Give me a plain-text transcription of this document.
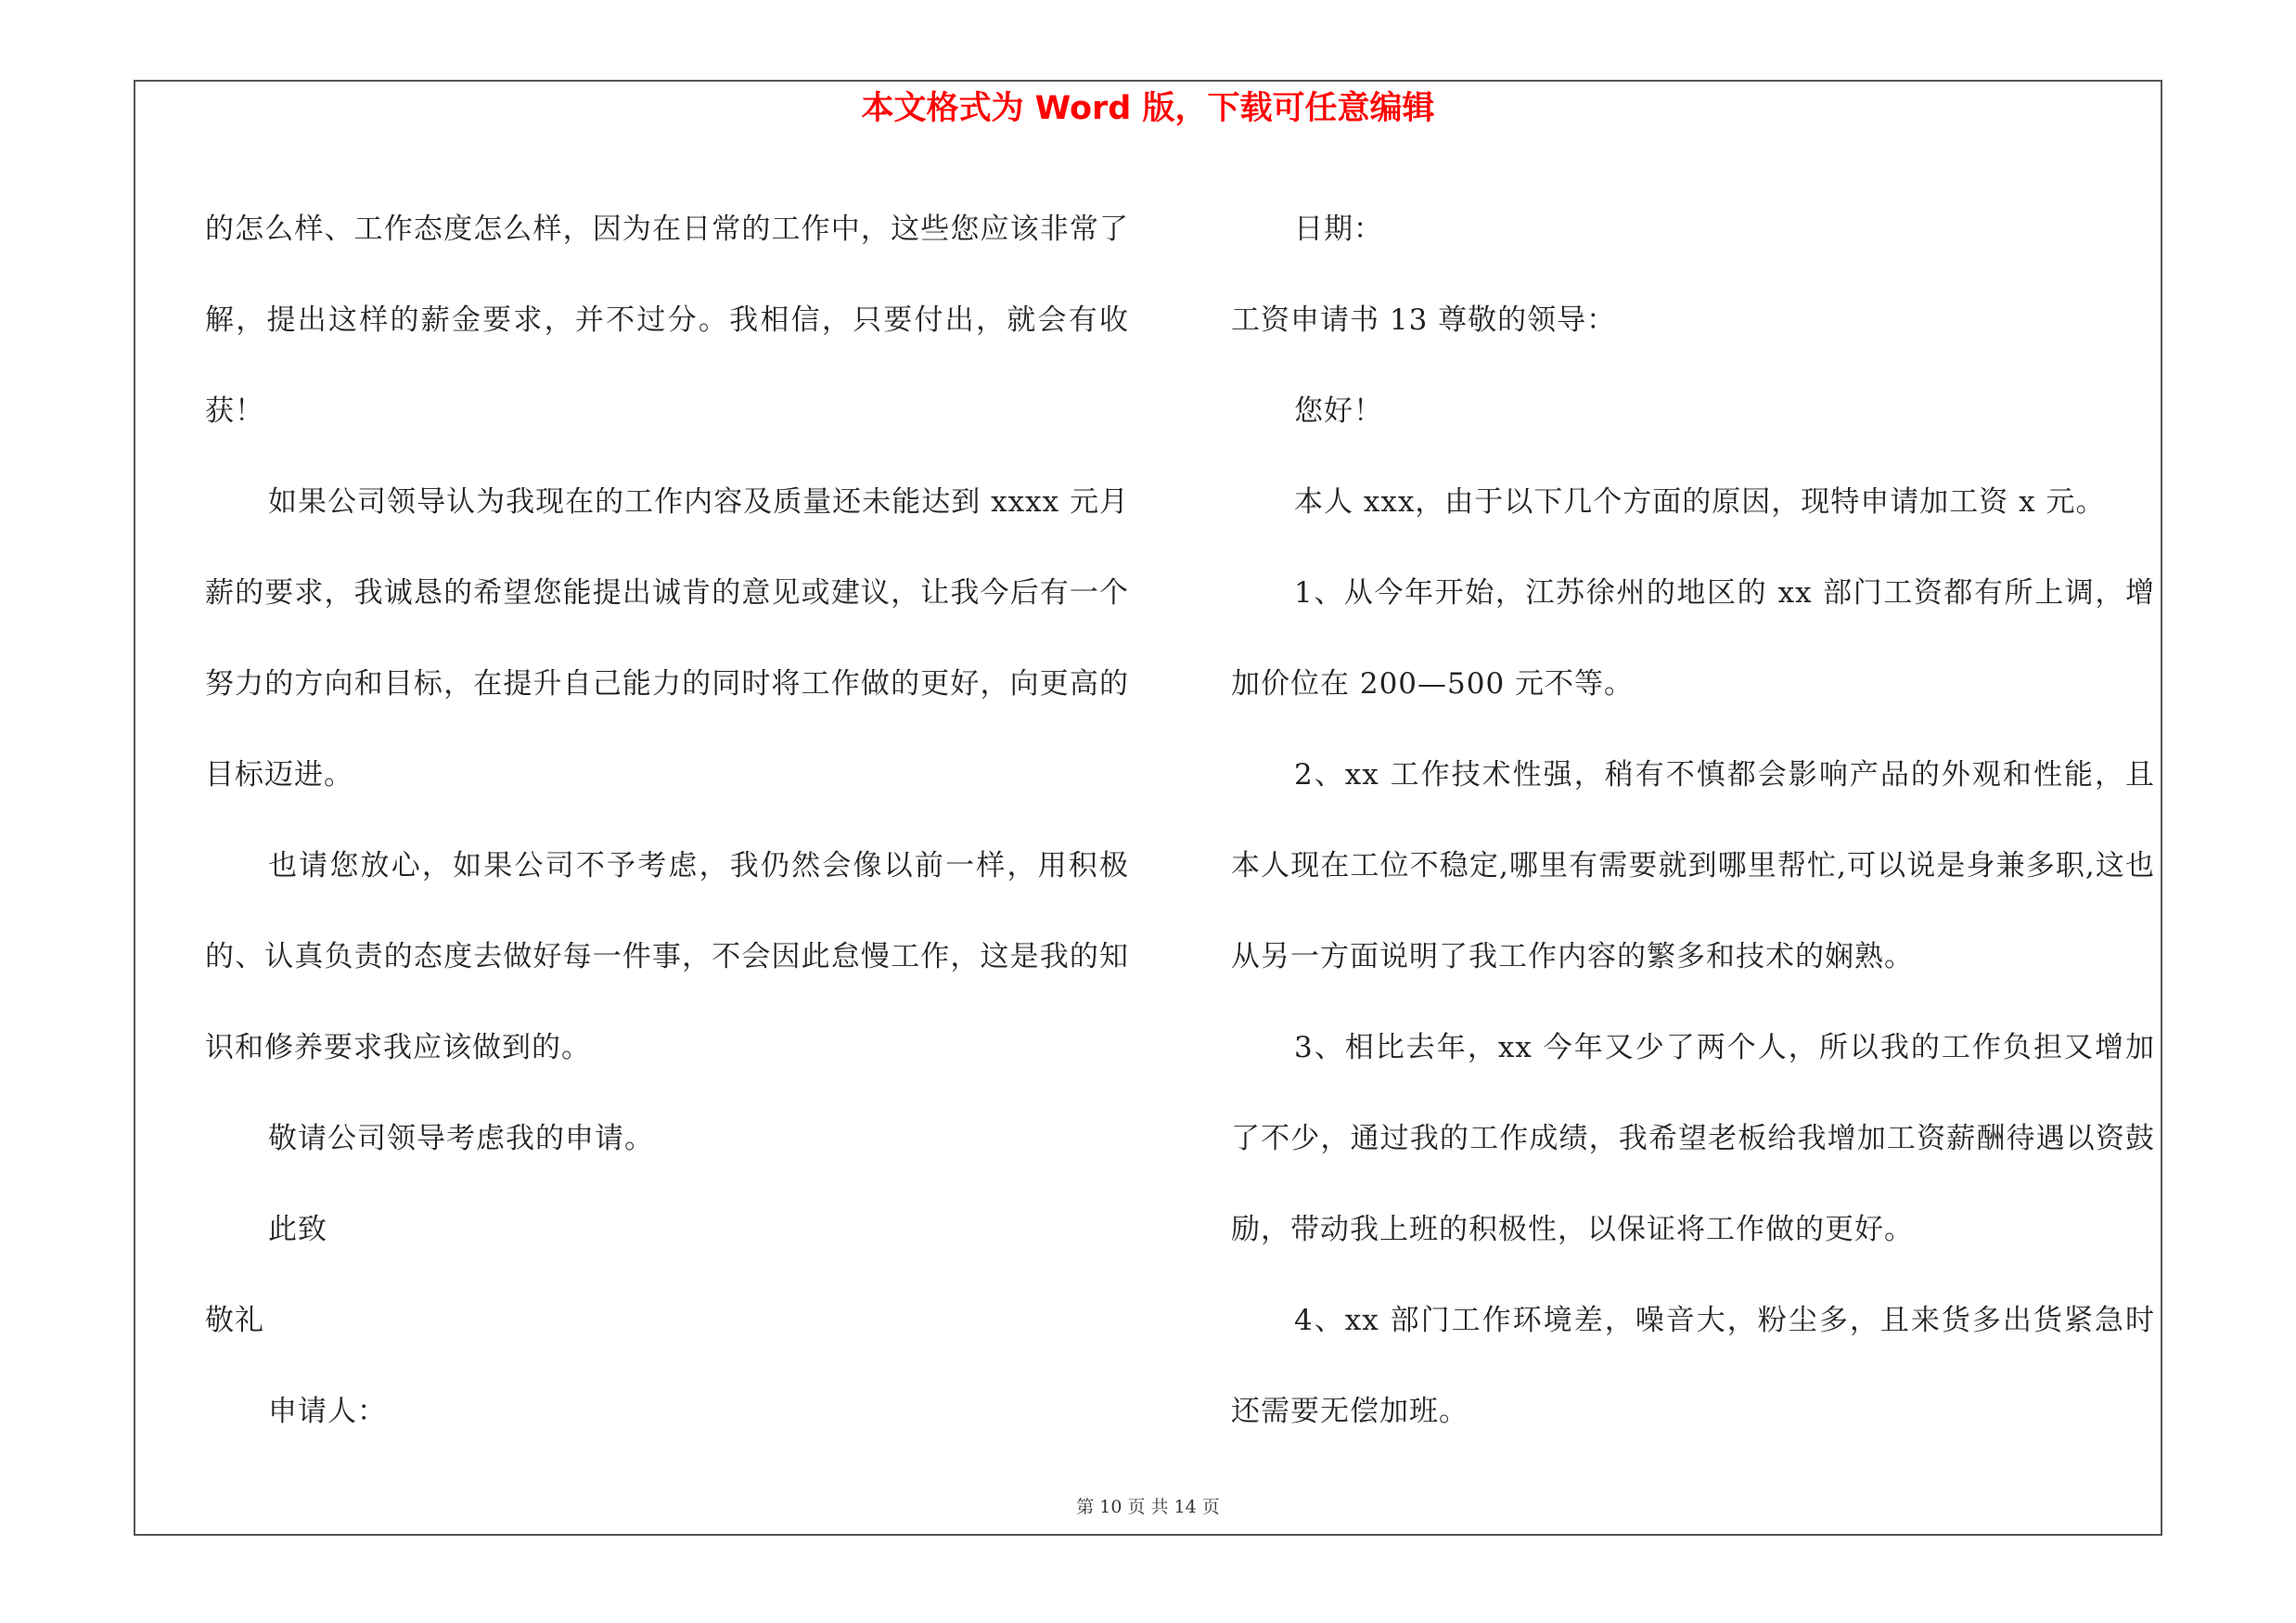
本文格式为 Word 版，下载可任意编辑

的怎么样、工作态度怎么样，因为在日常的工作中，这些您应该非常了解，提出这样的薪金要求，并不过分。我相信，只要付出，就会有收获！

如果公司领导认为我现在的工作内容及质量还未能达到 xxxx 元月薪的要求，我诚恳的希望您能提出诚肯的意见或建议，让我今后有一个努力的方向和目标，在提升自己能力的同时将工作做的更好，向更高的目标迈进。

也请您放心，如果公司不予考虑，我仍然会像以前一样，用积极的、认真负责的态度去做好每一件事，不会因此怠慢工作，这是我的知识和修养要求我应该做到的。

敬请公司领导考虑我的申请。

此致

敬礼

申请人：

日期：

工资申请书 13 尊敬的领导：

您好！

本人 xxx，由于以下几个方面的原因，现特申请加工资 x 元。

1、从今年开始，江苏徐州的地区的 xx 部门工资都有所上调，增加价位在 200—500 元不等。

2、xx 工作技术性强，稍有不慎都会影响产品的外观和性能，且本人现在工位不稳定,哪里有需要就到哪里帮忙,可以说是身兼多职,这也从另一方面说明了我工作内容的繁多和技术的娴熟。

3、相比去年，xx 今年又少了两个人，所以我的工作负担又增加了不少，通过我的工作成绩，我希望老板给我增加工资薪酬待遇以资鼓励，带动我上班的积极性，以保证将工作做的更好。

4、xx 部门工作环境差，噪音大，粉尘多，且来货多出货紧急时还需要无偿加班。

第 10 页 共 14 页
